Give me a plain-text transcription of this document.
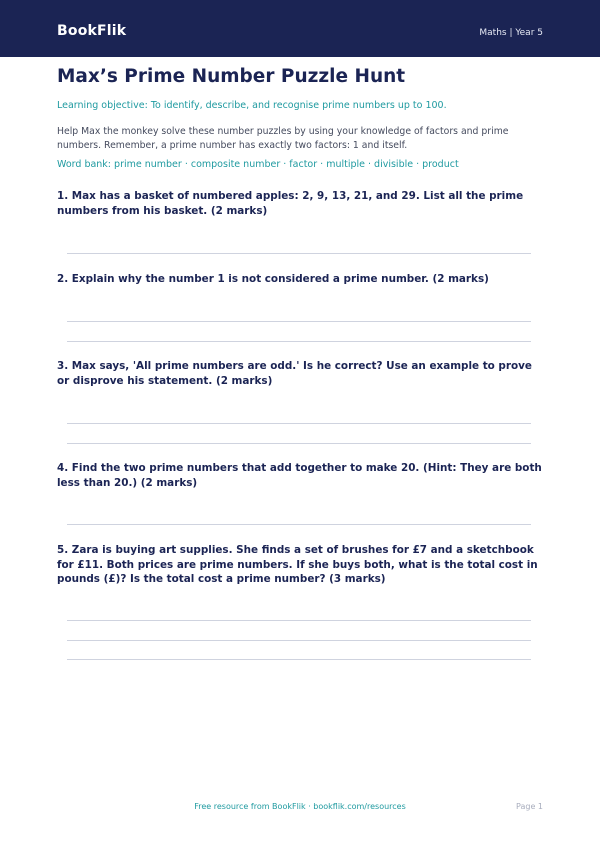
BookFlik	Maths | Year 5
Max’s Prime Number Puzzle Hunt
Learning objective: To identify, describe, and recognise prime numbers up to 100.
Help Max the monkey solve these number puzzles by using your knowledge of factors and prime numbers. Remember, a prime number has exactly two factors: 1 and itself.
Word bank: prime number · composite number · factor · multiple · divisible · product
1. Max has a basket of numbered apples: 2, 9, 13, 21, and 29. List all the prime numbers from his basket. (2 marks)
2. Explain why the number 1 is not considered a prime number. (2 marks)
3. Max says, 'All prime numbers are odd.' Is he correct? Use an example to prove or disprove his statement. (2 marks)
4. Find the two prime numbers that add together to make 20. (Hint: They are both less than 20.) (2 marks)
5. Zara is buying art supplies. She finds a set of brushes for £7 and a sketchbook for £11. Both prices are prime numbers. If she buys both, what is the total cost in pounds (£)? Is the total cost a prime number? (3 marks)
Free resource from BookFlik · bookflik.com/resources	Page 1
